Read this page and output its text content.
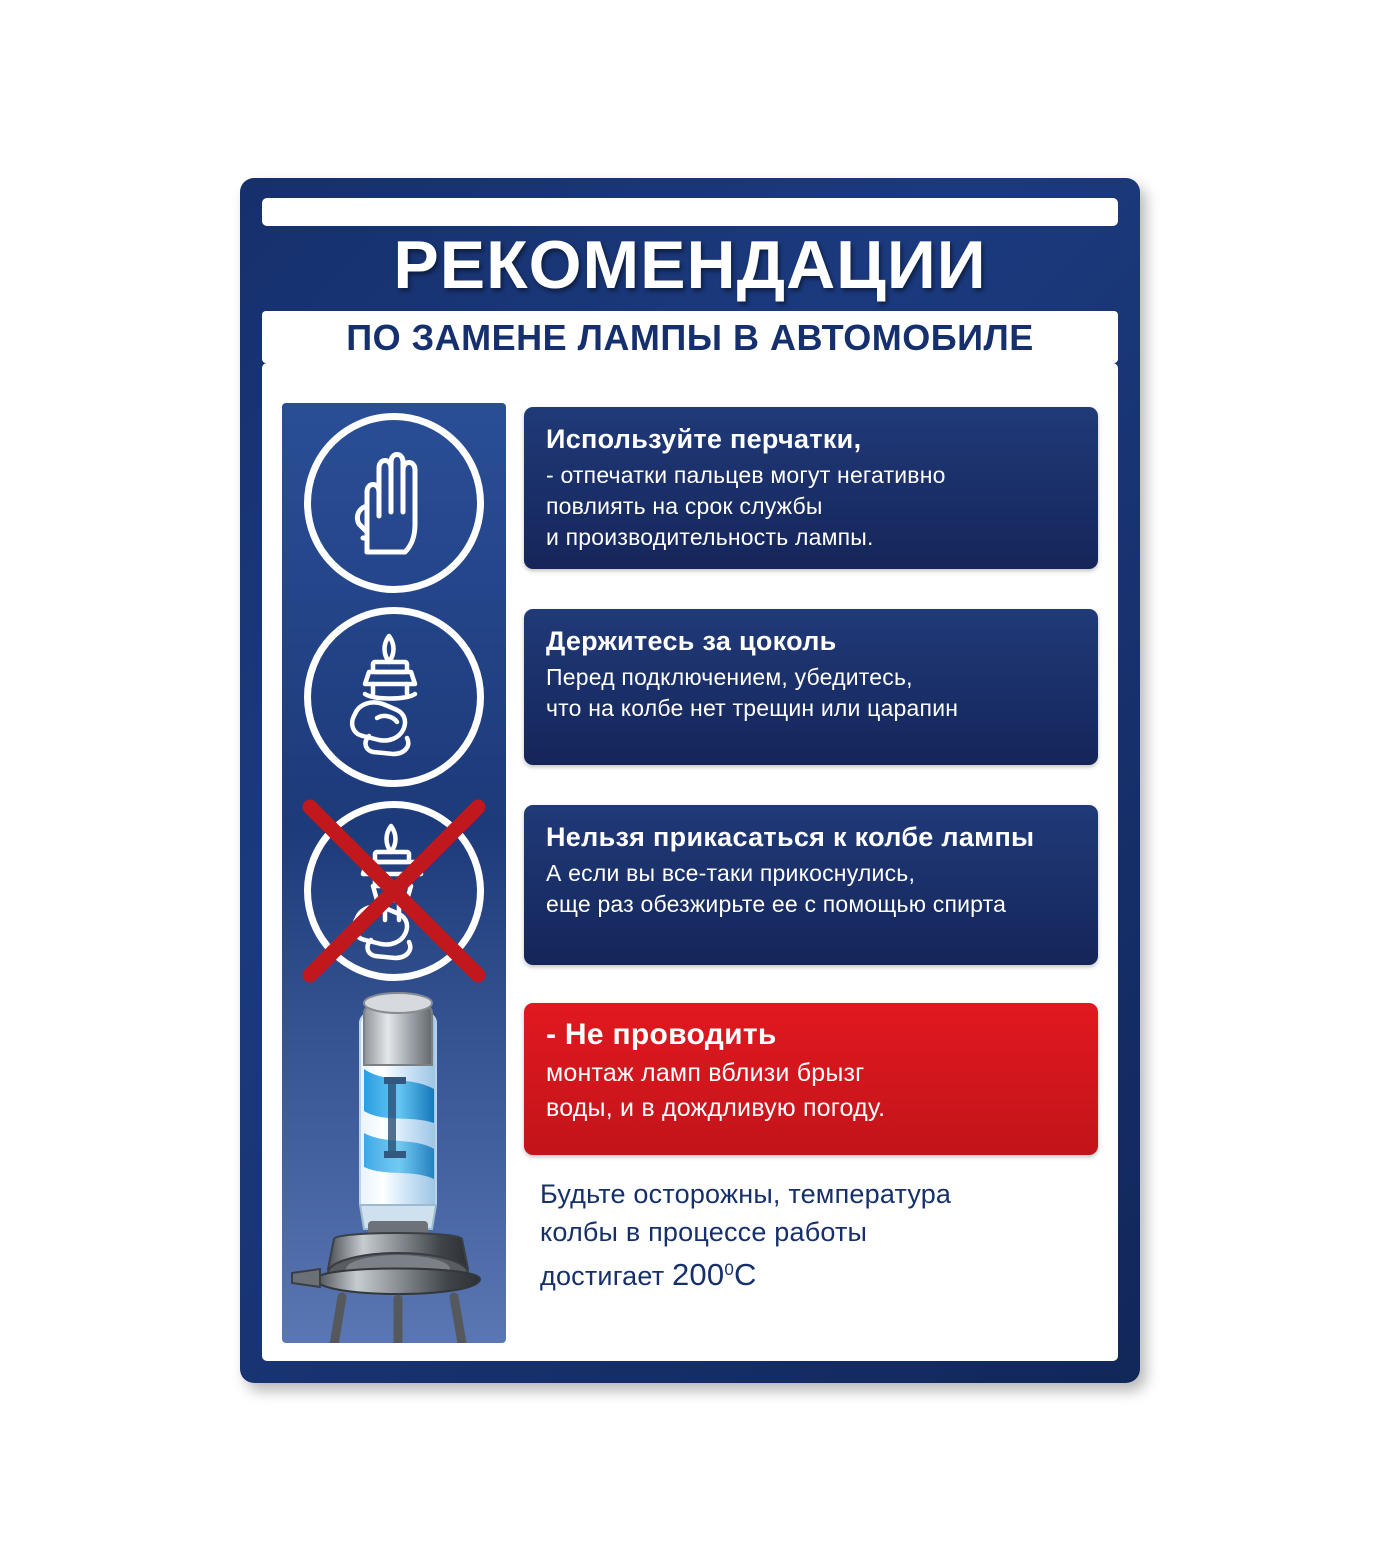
РЕКОМЕНДАЦИИ
ПО ЗАМЕНЕ ЛАМПЫ В АВТОМОБИЛЕ
Используйте перчатки,
- отпечатки пальцев могут негативно
повлиять на срок службы
и производительность лампы.
Держитесь за цоколь
Перед подключением, убедитесь,
что на колбе нет трещин или царапин
Нельзя прикасаться к колбе лампы
А если вы все-таки прикоснулись,
еще раз обезжирьте ее с помощью спирта
- Не проводить
монтаж ламп вблизи брызг
воды, и в дождливую погоду.
Будьте осторожны, температура
колбы в процессе работы
достигает $200^0С$
